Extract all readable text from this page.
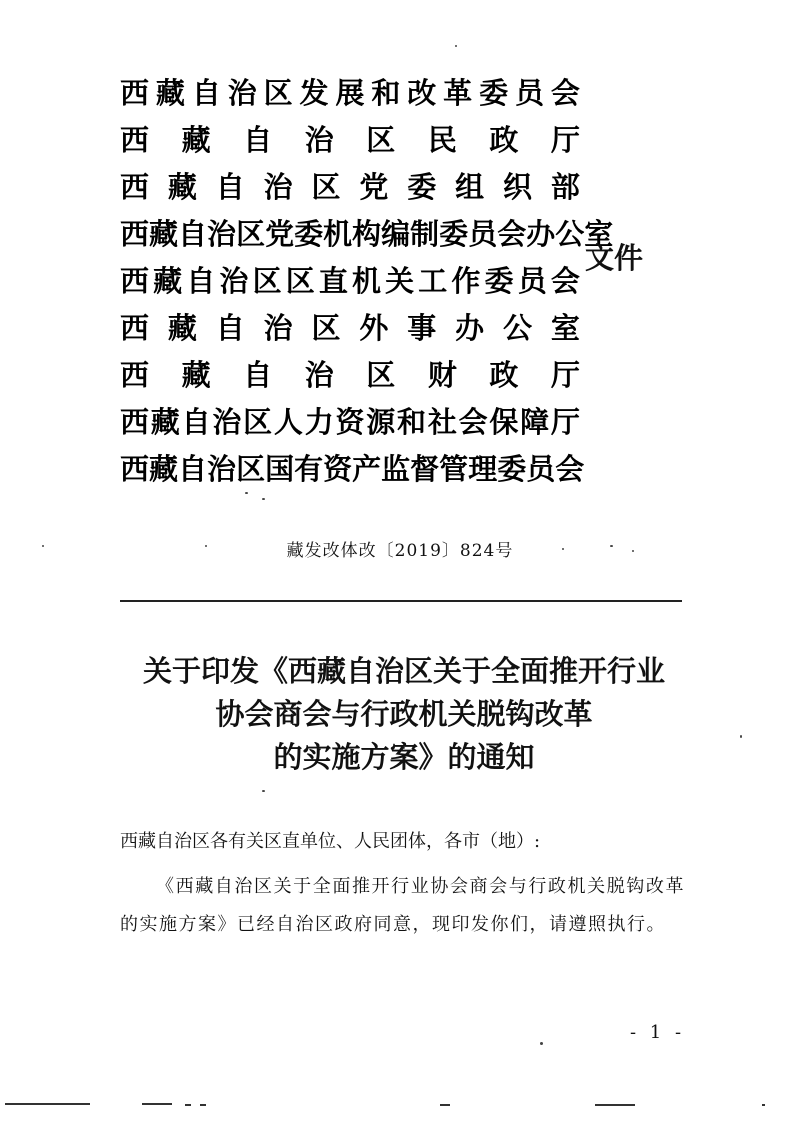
西 藏 自 治 区 发 展 和 改 革 委 员 会
西 藏 自 治 区 民 政 厅
西 藏 自 治 区 党 委 组 织 部
西 藏 自 治 区 党 委 机 构 编 制 委 员 会 办 公 室
西 藏 自 治 区 区 直 机 关 工 作 委 员 会
西 藏 自 治 区 外 事 办 公 室
西 藏 自 治 区 财 政 厅
西 藏 自 治 区 人 力 资 源 和 社 会 保 障 厅
西 藏 自 治 区 国 有 资 产 监 督 管 理 委 员 会
文件
藏发改体改〔2019〕824号
关于印发《西藏自治区关于全面推开行业
协会商会与行政机关脱钩改革
的实施方案》的通知
西藏自治区各有关区直单位、人民团体，各市（地）:
《西藏自治区关于全面推开行业协会商会与行政机关脱钩改革的实施方案》已经自治区政府同意，现印发你们，请遵照执行。
- 1 -
